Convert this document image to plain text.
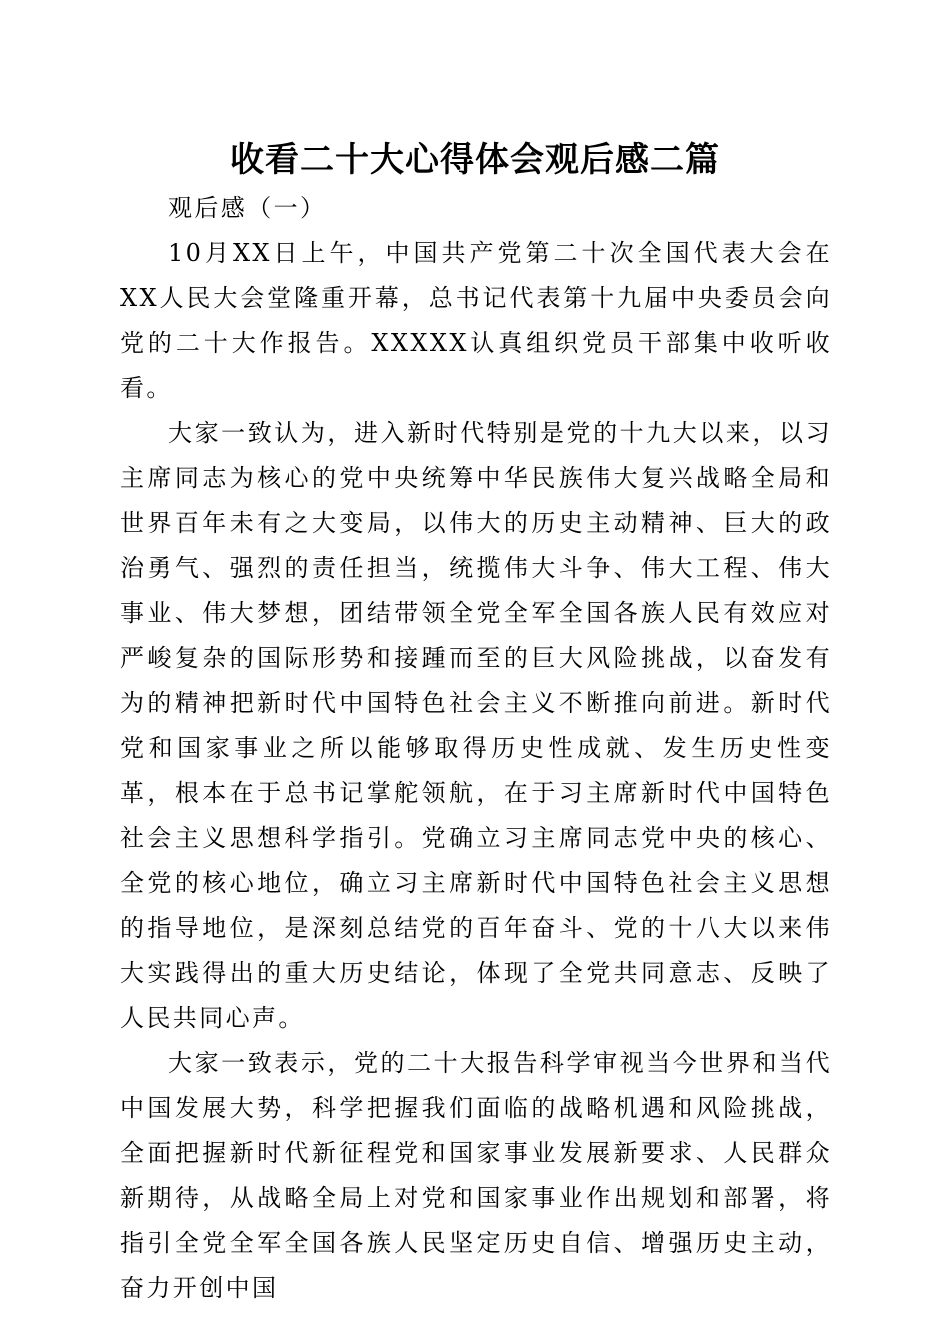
收看二十大心得体会观后感二篇

观后感（一）

10月XX日上午，中国共产党第二十次全国代表大会在XX人民大会堂隆重开幕，总书记代表第十九届中央委员会向党的二十大作报告。XXXXX认真组织党员干部集中收听收看。

大家一致认为，进入新时代特别是党的十九大以来，以习主席同志为核心的党中央统筹中华民族伟大复兴战略全局和世界百年未有之大变局，以伟大的历史主动精神、巨大的政治勇气、强烈的责任担当，统揽伟大斗争、伟大工程、伟大事业、伟大梦想，团结带领全党全军全国各族人民有效应对严峻复杂的国际形势和接踵而至的巨大风险挑战，以奋发有为的精神把新时代中国特色社会主义不断推向前进。新时代党和国家事业之所以能够取得历史性成就、发生历史性变革，根本在于总书记掌舵领航，在于习主席新时代中国特色社会主义思想科学指引。党确立习主席同志党中央的核心、全党的核心地位，确立习主席新时代中国特色社会主义思想的指导地位，是深刻总结党的百年奋斗、党的十八大以来伟大实践得出的重大历史结论，体现了全党共同意志、反映了人民共同心声。

大家一致表示，党的二十大报告科学审视当今世界和当代中国发展大势，科学把握我们面临的战略机遇和风险挑战，全面把握新时代新征程党和国家事业发展新要求、人民群众新期待，从战略全局上对党和国家事业作出规划和部署，将指引全党全军全国各族人民坚定历史自信、增强历史主动，奋力开创中国
